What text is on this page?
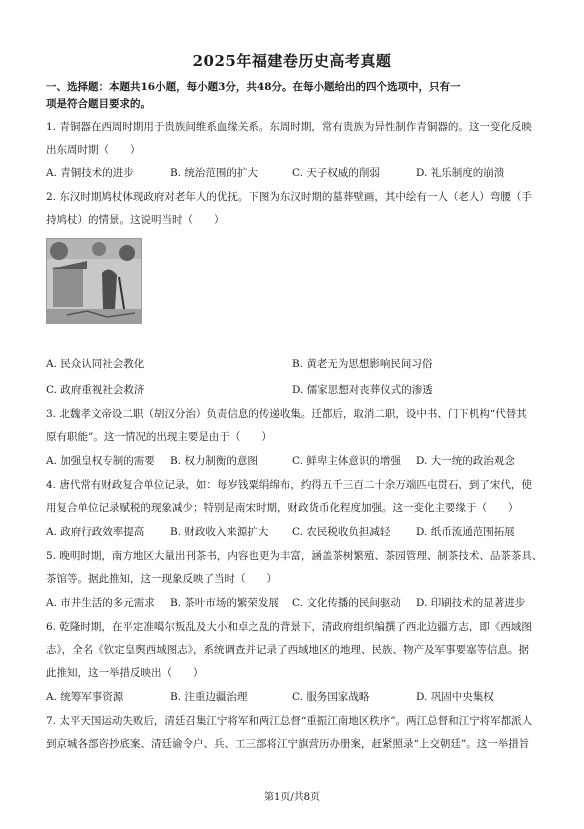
2025年福建卷历史高考真题
一、选择题：本题共16小题，每小题3分，共48分。在每小题给出的四个选项中，只有一
项是符合题目要求的。
1. 青铜器在西周时期用于贵族间维系血缘关系。东周时期，常有贵族为异性制作青铜器的。这一变化反映
出东周时期（　　）
A. 青铜技术的进步	B. 统治范围的扩大	C. 天子权威的削弱	D. 礼乐制度的崩溃
2. 东汉时期鸠杖体现政府对老年人的优抚。下图为东汉时期的墓葬壁画，其中绘有一人（老人）弯腰（手
持鸠杖）的情景。这说明当时（　　）
A. 民众认同社会教化	B. 黄老无为思想影响民间习俗
C. 政府重视社会救济	D. 儒家思想对丧葬仪式的渗透
3. 北魏孝文帝设二职（胡汉分治）负责信息的传递收集。迁都后，取消二职，设中书、门下机构“代替其
原有职能”。这一情况的出现主要是由于（　　）
A. 加强皇权专制的需要 B. 权力制衡的意图	C. 鲜卑主体意识的增强 D. 大一统的政治观念
4. 唐代常有财政复合单位记录，如：每岁钱粟绢绵布，约得五千三百二十余万端匹屯贯石，到了宋代，使
用复合单位记录赋税的现象减少；特别是南宋时期，财政货币化程度加强。这一变化主要缘于（　　）
A. 政府行政效率提高 B. 财政收入来源扩大 C. 农民税收负担减轻 D. 纸币流通范围拓展
5. 晚明时期，南方地区大量出刊茶书，内容也更为丰富，涵盖茶树繁殖、茶园管理、制茶技术、品茶茶具、
茶馆等。据此推知，这一现象反映了当时（　　）
A. 市井生活的多元需求 B. 茶叶市场的繁荣发展 C. 文化传播的民间驱动 D. 印刷技术的显著进步
6. 乾隆时期，在平定准噶尔叛乱及大小和卓之乱的背景下，清政府组织编撰了西北边疆方志，即《西域图
志》，全名《钦定皇舆西域图志》，系统调查并记录了西域地区的地理、民族、物产及军事要塞等信息。据
此推知，这一举措反映出（　　）
A. 统筹军事资源	B. 注重边疆治理	C. 服务国家战略	D. 巩固中央集权
7. 太平天国运动失败后，清廷召集江宁将军和两江总督“重振江南地区秩序”。两江总督和江宁将军都派人
到京城各部咨抄底案、清廷谕令户、兵、工三部将江宁旗营历办册案，赶紧照录“上交朝廷”。这一举措旨
第1页/共8页
